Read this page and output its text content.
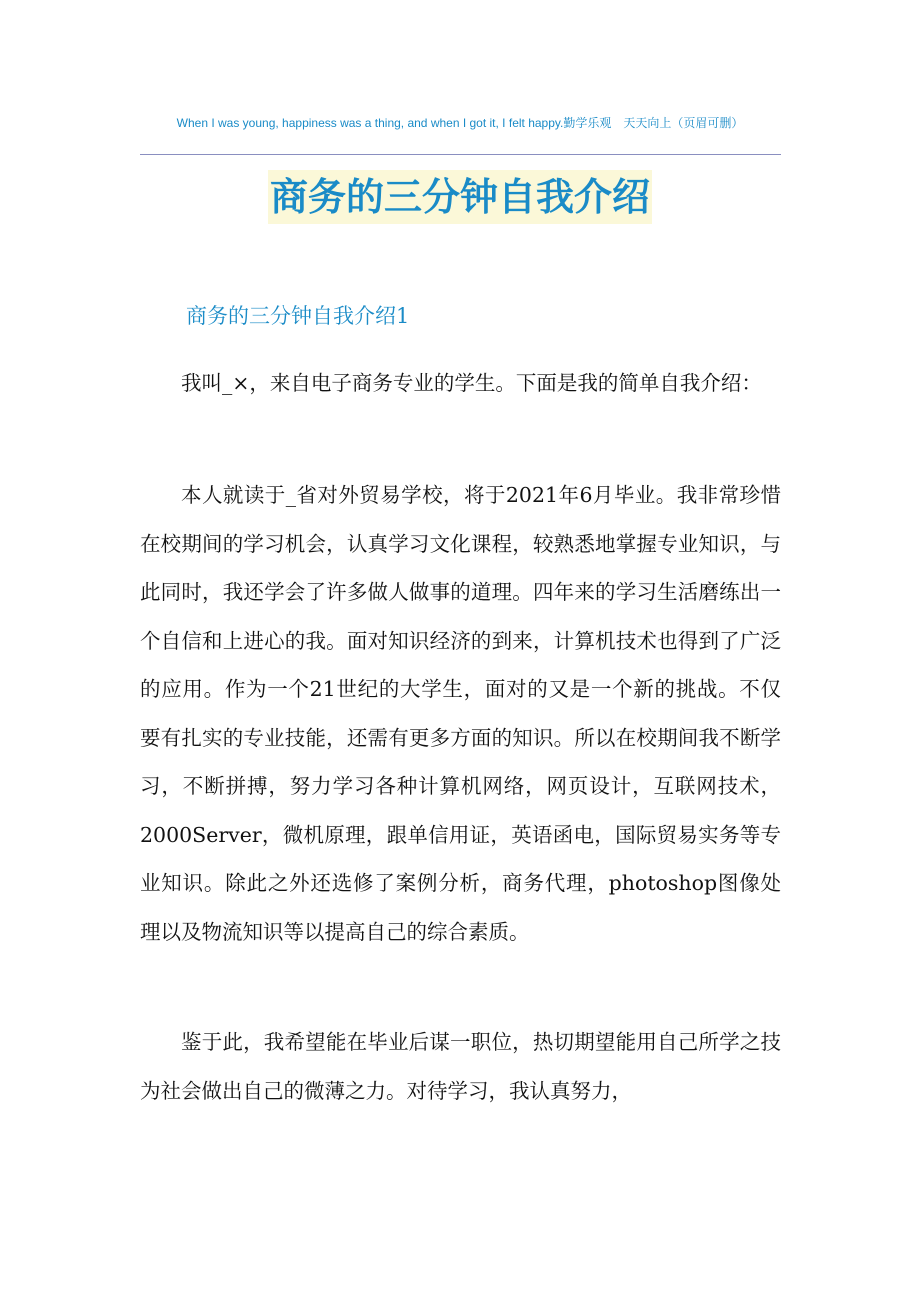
When I was young, happiness was a thing, and when I got it, I felt happy.勤学乐观　天天向上（页眉可删）
商务的三分钟自我介绍
商务的三分钟自我介绍1

我叫_×，来自电子商务专业的学生。下面是我的简单自我介绍：

本人就读于_省对外贸易学校，将于2021年6月毕业。我非常珍惜在校期间的学习机会，认真学习文化课程，较熟悉地掌握专业知识，与此同时，我还学会了许多做人做事的道理。四年来的学习生活磨练出一个自信和上进心的我。面对知识经济的到来，计算机技术也得到了广泛的应用。作为一个21世纪的大学生，面对的又是一个新的挑战。不仅要有扎实的专业技能，还需有更多方面的知识。所以在校期间我不断学习，不断拼搏，努力学习各种计算机网络，网页设计，互联网技术，2000Server，微机原理，跟单信用证，英语函电，国际贸易实务等专业知识。除此之外还选修了案例分析，商务代理，photoshop图像处理以及物流知识等以提高自己的综合素质。

鉴于此，我希望能在毕业后谋一职位，热切期望能用自己所学之技为社会做出自己的微薄之力。对待学习，我认真努力，
